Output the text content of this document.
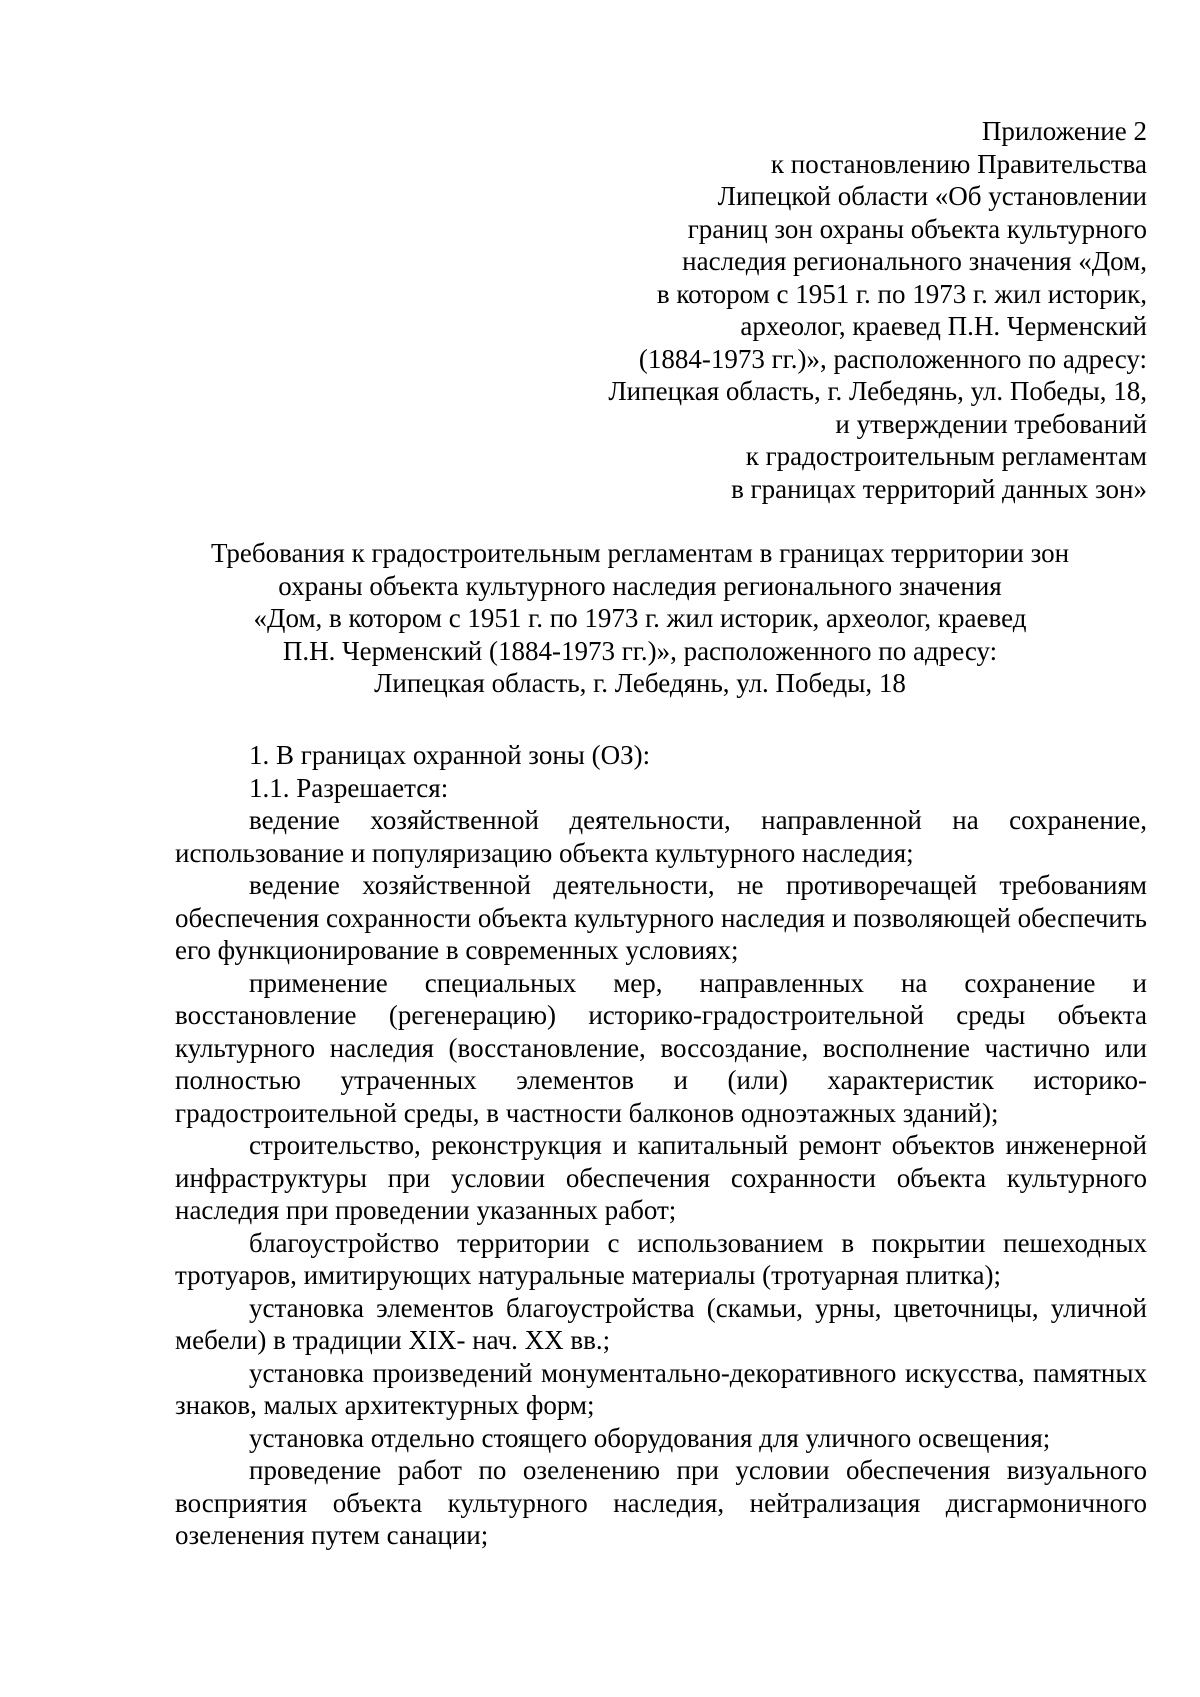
Приложение 2
к постановлению Правительства
Липецкой области «Об установлении
границ зон охраны объекта культурного
наследия регионального значения «Дом,
в котором с 1951 г. по 1973 г. жил историк,
археолог, краевед П.Н. Черменский
(1884-1973 гг.)», расположенного по адресу:
Липецкая область, г. Лебедянь, ул. Победы, 18,
и утверждении требований
к градостроительным регламентам
в границах территорий данных зон»
Требования к градостроительным регламентам в границах территории зон
охраны объекта культурного наследия регионального значения
«Дом, в котором с 1951 г. по 1973 г. жил историк, археолог, краевед
П.Н. Черменский (1884-1973 гг.)», расположенного по адресу:
Липецкая область, г. Лебедянь, ул. Победы, 18

1. В границах охранной зоны (ОЗ):

1.1. Разрешается:

ведение хозяйственной деятельности, направленной на сохранение, использование и популяризацию объекта культурного наследия;

ведение хозяйственной деятельности, не противоречащей требованиям обеспечения сохранности объекта культурного наследия и позволяющей обеспечить его функционирование в современных условиях;

применение специальных мер, направленных на сохранение и восстановление (регенерацию) историко-градостроительной среды объекта культурного наследия (восстановление, воссоздание, восполнение частично или полностью утраченных элементов и (или) характеристик историко-градостроительной среды, в частности балконов одноэтажных зданий);

строительство, реконструкция и капитальный ремонт объектов инженерной инфраструктуры при условии обеспечения сохранности объекта культурного наследия при проведении указанных работ;

благоустройство территории с использованием в покрытии пешеходных тротуаров, имитирующих натуральные материалы (тротуарная плитка);

установка элементов благоустройства (скамьи, урны, цветочницы, уличной мебели) в традиции XIX- нач. XX вв.;

установка произведений монументально-декоративного искусства, памятных знаков, малых архитектурных форм;

установка отдельно стоящего оборудования для уличного освещения;

проведение работ по озеленению при условии обеспечения визуального восприятия объекта культурного наследия, нейтрализация дисгармоничного озеленения путем санации;
